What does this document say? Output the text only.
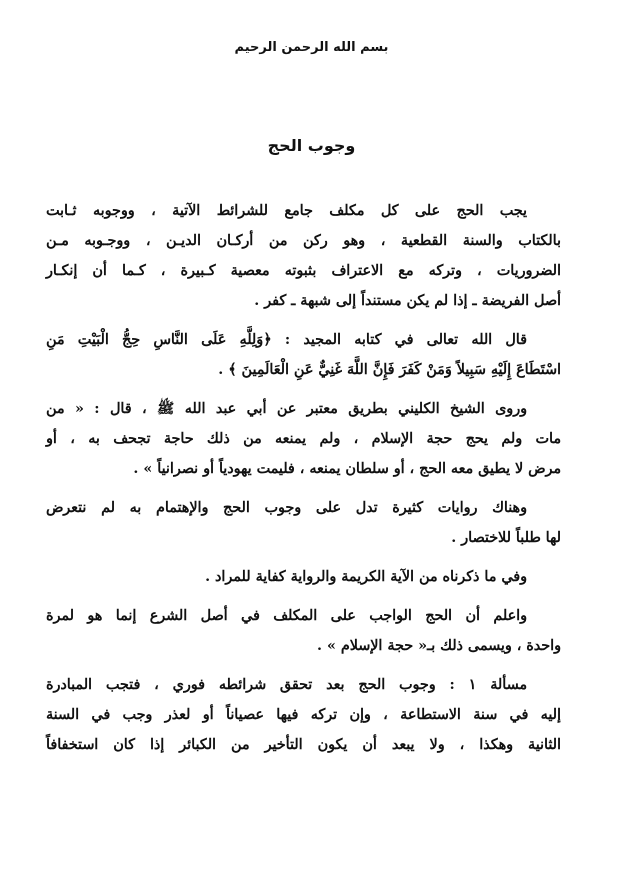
بسم الله الرحمن الرحيم
وجوب الحج
يجب الحج على كل مكلف جامع للشرائط الآتية ، ووجوبه ثـابت
بالكتاب والسنة القطعية ، وهو ركن من أركـان الديـن ، ووجـوبه مـن
الضروريات ، وتركه مع الاعتراف بثبوته معصية كـبيرة ، كـما أن إنكـار
أصل الفريضة ـ إذا لم يكن مستنداً إلى شبهة ـ كفر .
قال الله تعالى في كتابه المجيد : ﴿وَلِلَّهِ عَلَى النَّاسِ حِجُّ الْبَيْتِ مَنِ
اسْتَطَاعَ إِلَيْهِ سَبِيلاً وَمَنْ كَفَرَ فَإِنَّ اللَّهَ غَنِيٌّ عَنِ الْعَالَمِينَ ﴾ .
وروى الشيخ الكليني بطريق معتبر عن أبي عبد الله ﷺ ، قال : « من
مات ولم يحج حجة الإسلام ، ولم يمنعه من ذلك حاجة تجحف به ، أو
مرض لا يطيق معه الحج ، أو سلطان يمنعه ، فليمت يهودياً أو نصرانياً » .
وهناك روايات كثيرة تدل على وجوب الحج والإهتمام به لم نتعرض
لها طلباً للاختصار .
وفي ما ذكرناه من الآية الكريمة والرواية كفاية للمراد .
واعلم أن الحج الواجب على المكلف في أصل الشرع إنما هو لمرة
واحدة ، ويسمى ذلك بـ« حجة الإسلام » .
مسألة ١ : وجوب الحج بعد تحقق شرائطه فوري ، فتجب المبادرة
إليه في سنة الاستطاعة ، وإن تركه فيها عصياناً أو لعذر وجب في السنة
الثانية وهكذا ، ولا يبعد أن يكون التأخير من الكبائر إذا كان استخفافاً
